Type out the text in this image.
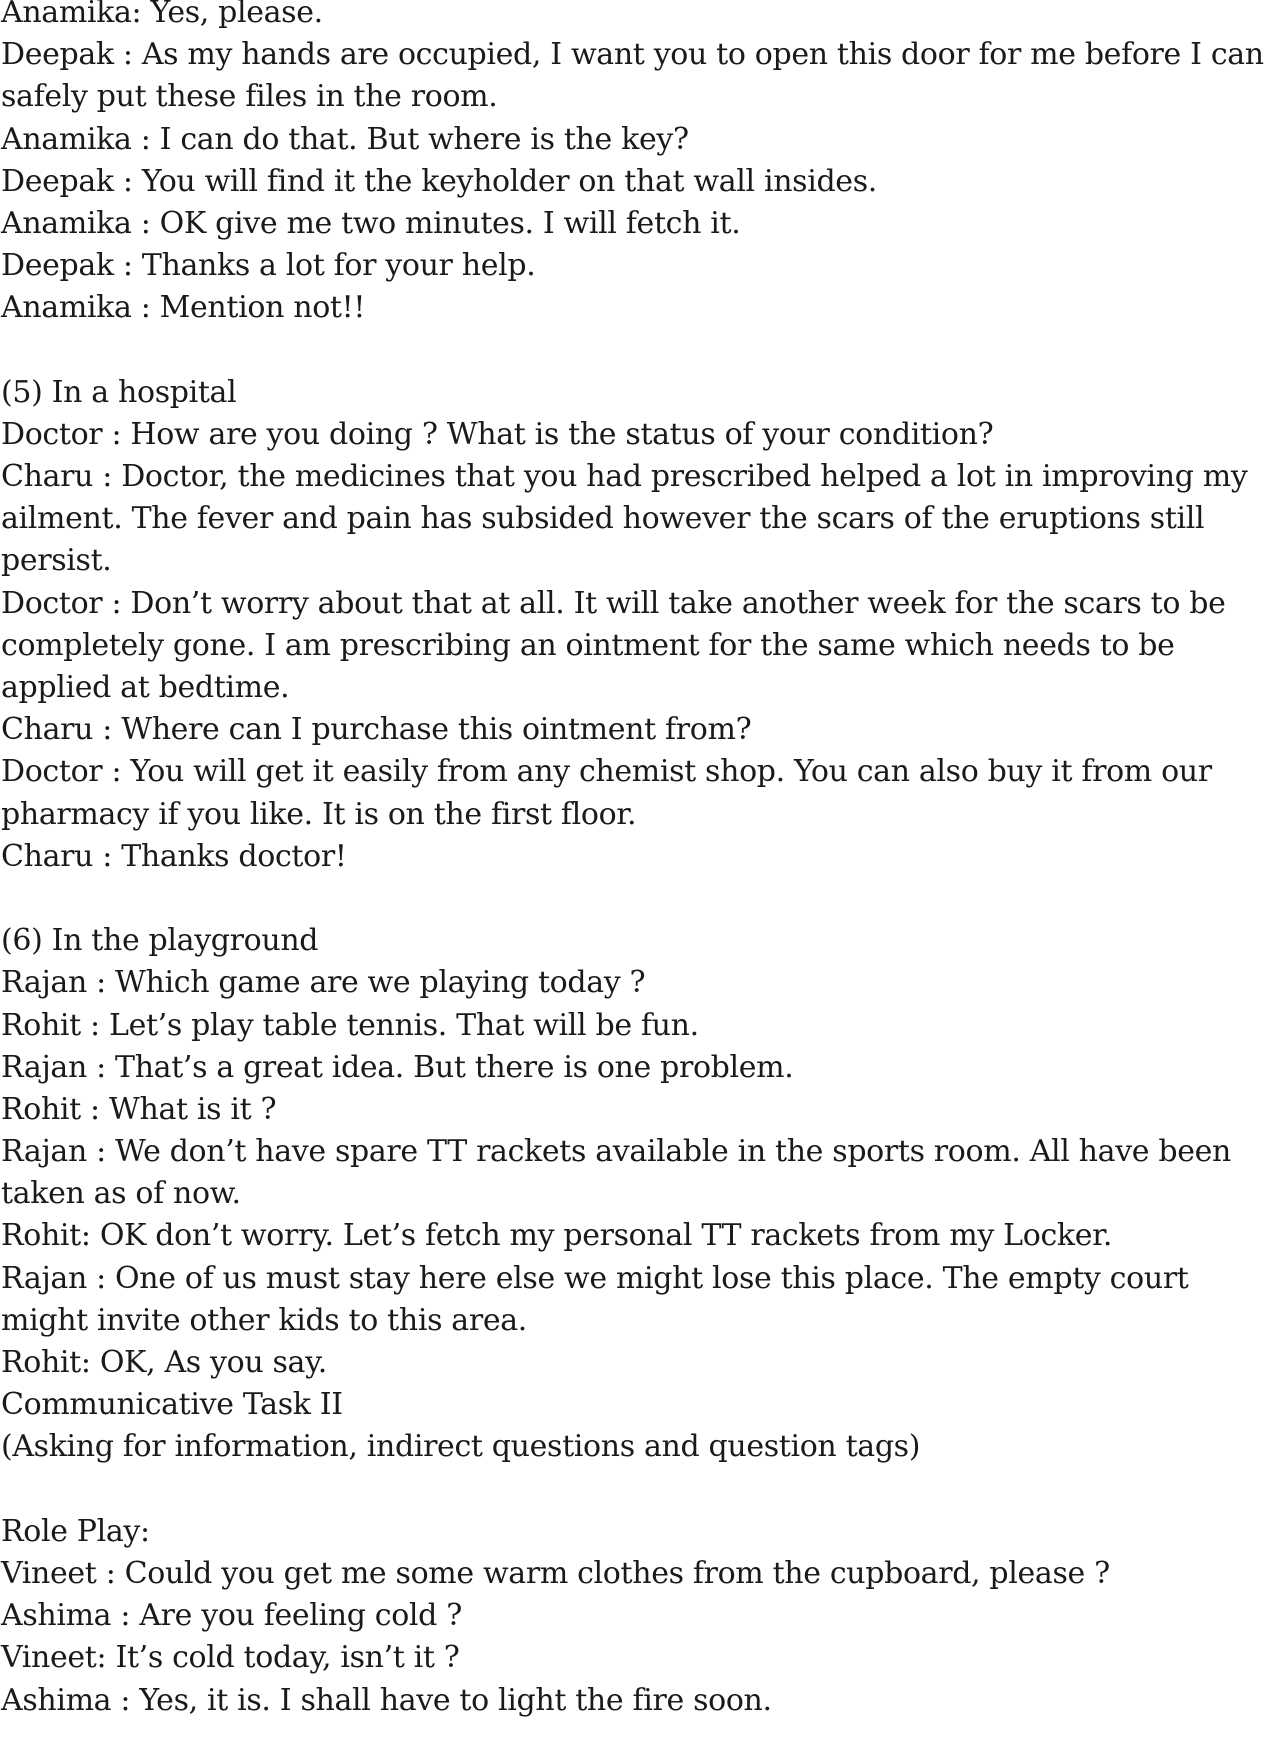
Anamika: Yes, please.
Deepak : As my hands are occupied, I want you to open this door for me before I can
safely put these files in the room.
Anamika : I can do that. But where is the key?
Deepak : You will find it the keyholder on that wall insides.
Anamika : OK give me two minutes. I will fetch it.
Deepak : Thanks a lot for your help.
Anamika : Mention not!!
(5) In a hospital
Doctor : How are you doing ? What is the status of your condition?
Charu : Doctor, the medicines that you had prescribed helped a lot in improving my
ailment. The fever and pain has subsided however the scars of the eruptions still
persist.
Doctor : Don’t worry about that at all. It will take another week for the scars to be
completely gone. I am prescribing an ointment for the same which needs to be
applied at bedtime.
Charu : Where can I purchase this ointment from?
Doctor : You will get it easily from any chemist shop. You can also buy it from our
pharmacy if you like. It is on the first floor.
Charu : Thanks doctor!
(6) In the playground
Rajan : Which game are we playing today ?
Rohit : Let’s play table tennis. That will be fun.
Rajan : That’s a great idea. But there is one problem.
Rohit : What is it ?
Rajan : We don’t have spare TT rackets available in the sports room. All have been
taken as of now.
Rohit: OK don’t worry. Let’s fetch my personal TT rackets from my Locker.
Rajan : One of us must stay here else we might lose this place. The empty court
might invite other kids to this area.
Rohit: OK, As you say.
Communicative Task II
(Asking for information, indirect questions and question tags)
Role Play:
Vineet : Could you get me some warm clothes from the cupboard, please ?
Ashima : Are you feeling cold ?
Vineet: It’s cold today, isn’t it ?
Ashima : Yes, it is. I shall have to light the fire soon.
